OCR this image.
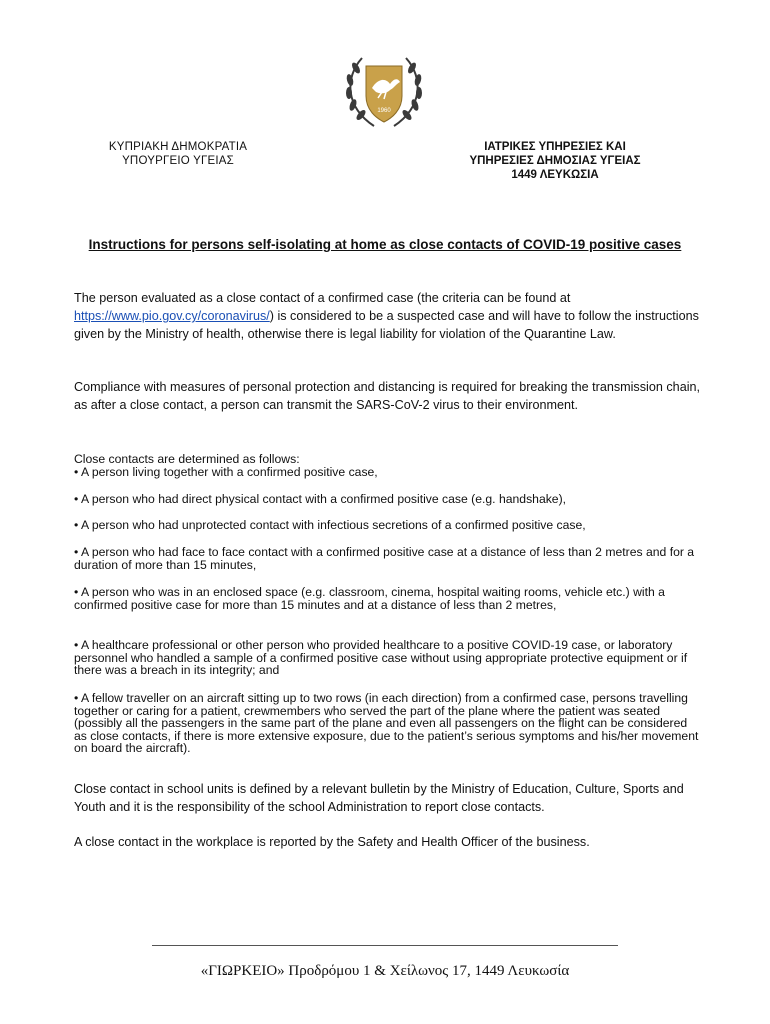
1960
ΚΥΠΡΙΑΚΗ ΔΗΜΟΚΡΑΤΙΑ
ΥΠΟΥΡΓΕΙΟ ΥΓΕΙΑΣ
ΙΑΤΡΙΚΕΣ ΥΠΗΡΕΣΙΕΣ ΚΑΙ
ΥΠΗΡΕΣΙΕΣ ΔΗΜΟΣΙΑΣ ΥΓΕΙΑΣ
1449 ΛΕΥΚΩΣΙΑ
Instructions for persons self-isolating at home as close contacts of COVID-19 positive cases

The person evaluated as a close contact of a confirmed case (the criteria can be found at https://www.pio.gov.cy/coronavirus/) is considered to be a suspected case and will have to follow the instructions given by the Ministry of health, otherwise there is legal liability for violation of the Quarantine Law.

Compliance with measures of personal protection and distancing is required for breaking the transmission chain, as after a close contact, a person can transmit the SARS-CoV-2 virus to their environment.

Close contacts are determined as follows:

• A person living together with a confirmed positive case,

• A person who had direct physical contact with a confirmed positive case (e.g. handshake),

• A person who had unprotected contact with infectious secretions of a confirmed positive case,

• A person who had face to face contact with a confirmed positive case at a distance of less than 2 metres and for a duration of more than 15 minutes,

• A person who was in an enclosed space (e.g. classroom, cinema, hospital waiting rooms, vehicle etc.) with a confirmed positive case for more than 15 minutes and at a distance of less than 2 metres,

• A healthcare professional or other person who provided healthcare to a positive COVID-19 case, or laboratory personnel who handled a sample of a confirmed positive case without using appropriate protective equipment or if there was a breach in its integrity; and

• A fellow traveller on an aircraft sitting up to two rows (in each direction) from a confirmed case, persons travelling together or caring for a patient, crewmembers who served the part of the plane where the patient was seated (possibly all the passengers in the same part of the plane and even all passengers on the flight can be considered as close contacts, if there is more extensive exposure, due to the patient’s serious symptoms and his/her movement on board the aircraft).

Close contact in school units is defined by a relevant bulletin by the Ministry of Education, Culture, Sports and Youth and it is the responsibility of the school Administration to report close contacts.

A close contact in the workplace is reported by the Safety and Health Officer of the business.

«ΓΙΩΡΚΕΙΟ» Προδρόμου 1 & Χείλωνος 17, 1449 Λευκωσία
